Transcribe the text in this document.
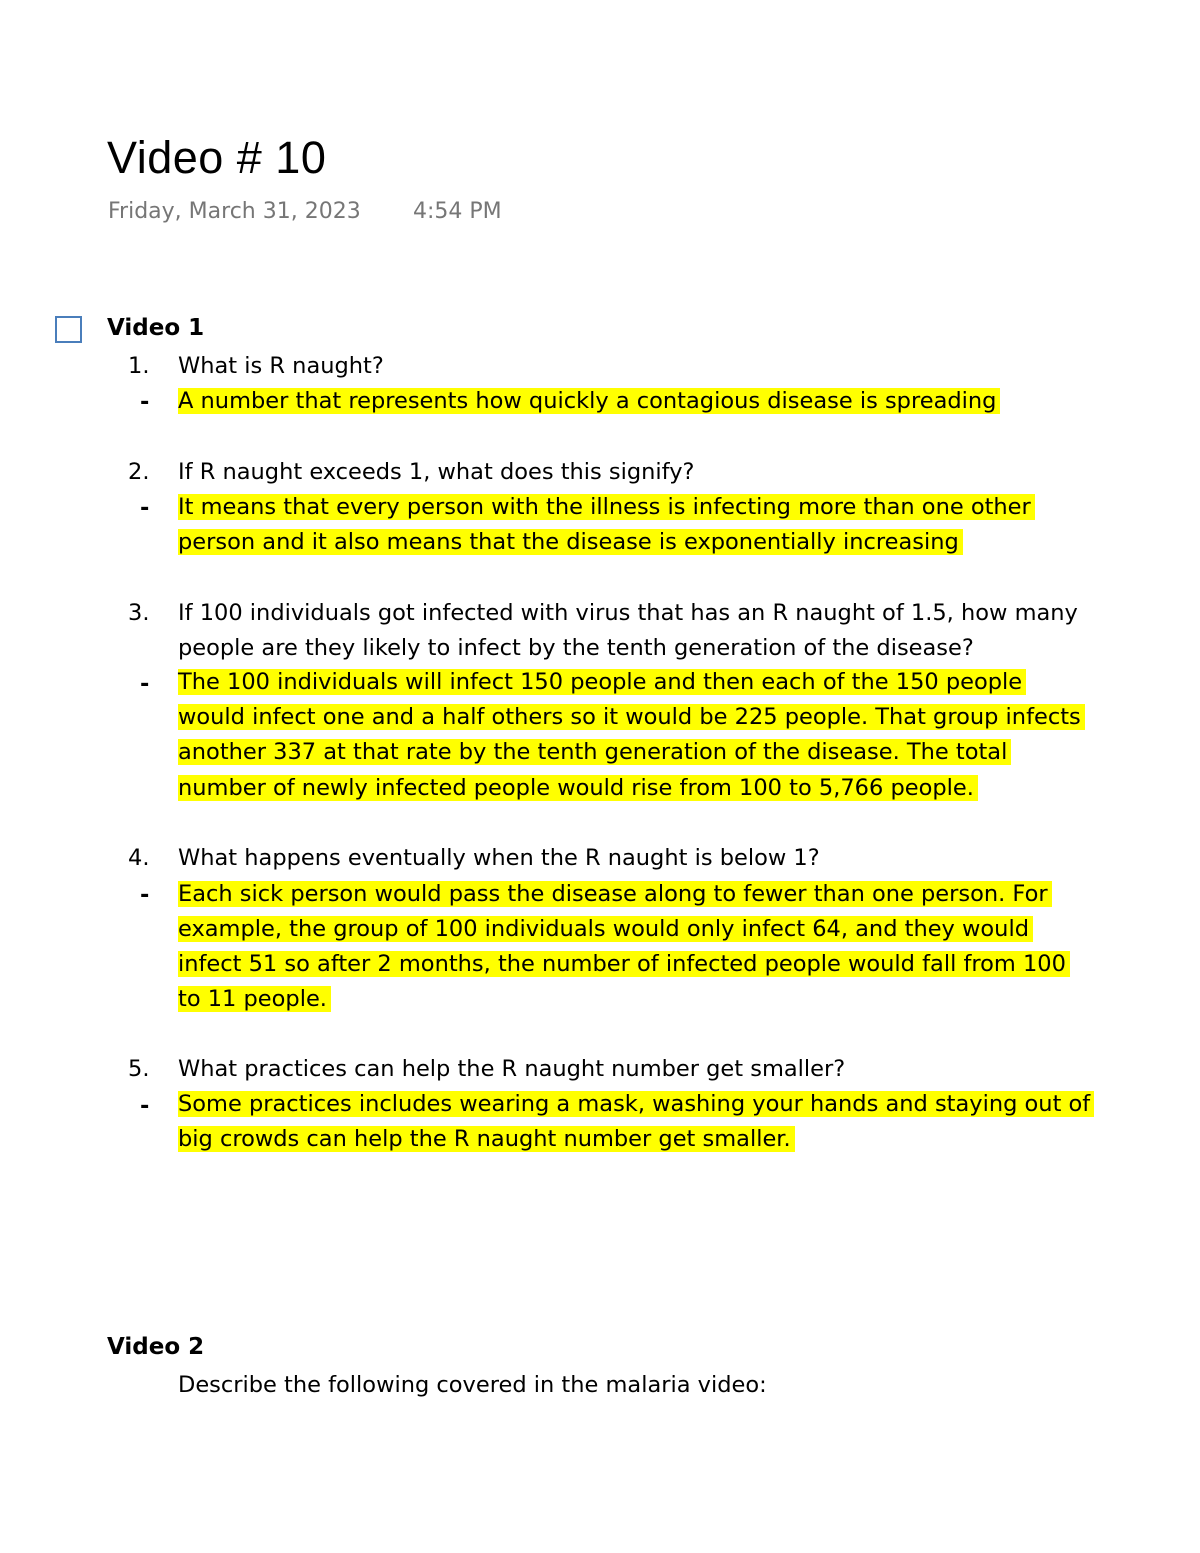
Video # 10
Friday, March 31, 2023 4:54 PM
Video 1
1. What is R naught?
- A number that represents how quickly a contagious disease is spreading
2. If R naught exceeds 1, what does this signify?
- It means that every person with the illness is infecting more than one other
person and it also means that the disease is exponentially increasing
3. If 100 individuals got infected with virus that has an R naught of 1.5, how many
people are they likely to infect by the tenth generation of the disease?
- The 100 individuals will infect 150 people and then each of the 150 people
would infect one and a half others so it would be 225 people. That group infects
another 337 at that rate by the tenth generation of the disease. The total
number of newly infected people would rise from 100 to 5,766 people.
4. What happens eventually when the R naught is below 1?
- Each sick person would pass the disease along to fewer than one person. For
example, the group of 100 individuals would only infect 64, and they would
infect 51 so after 2 months, the number of infected people would fall from 100
to 11 people.
5. What practices can help the R naught number get smaller?
- Some practices includes wearing a mask, washing your hands and staying out of
big crowds can help the R naught number get smaller.
Video 2
Describe the following covered in the malaria video:
